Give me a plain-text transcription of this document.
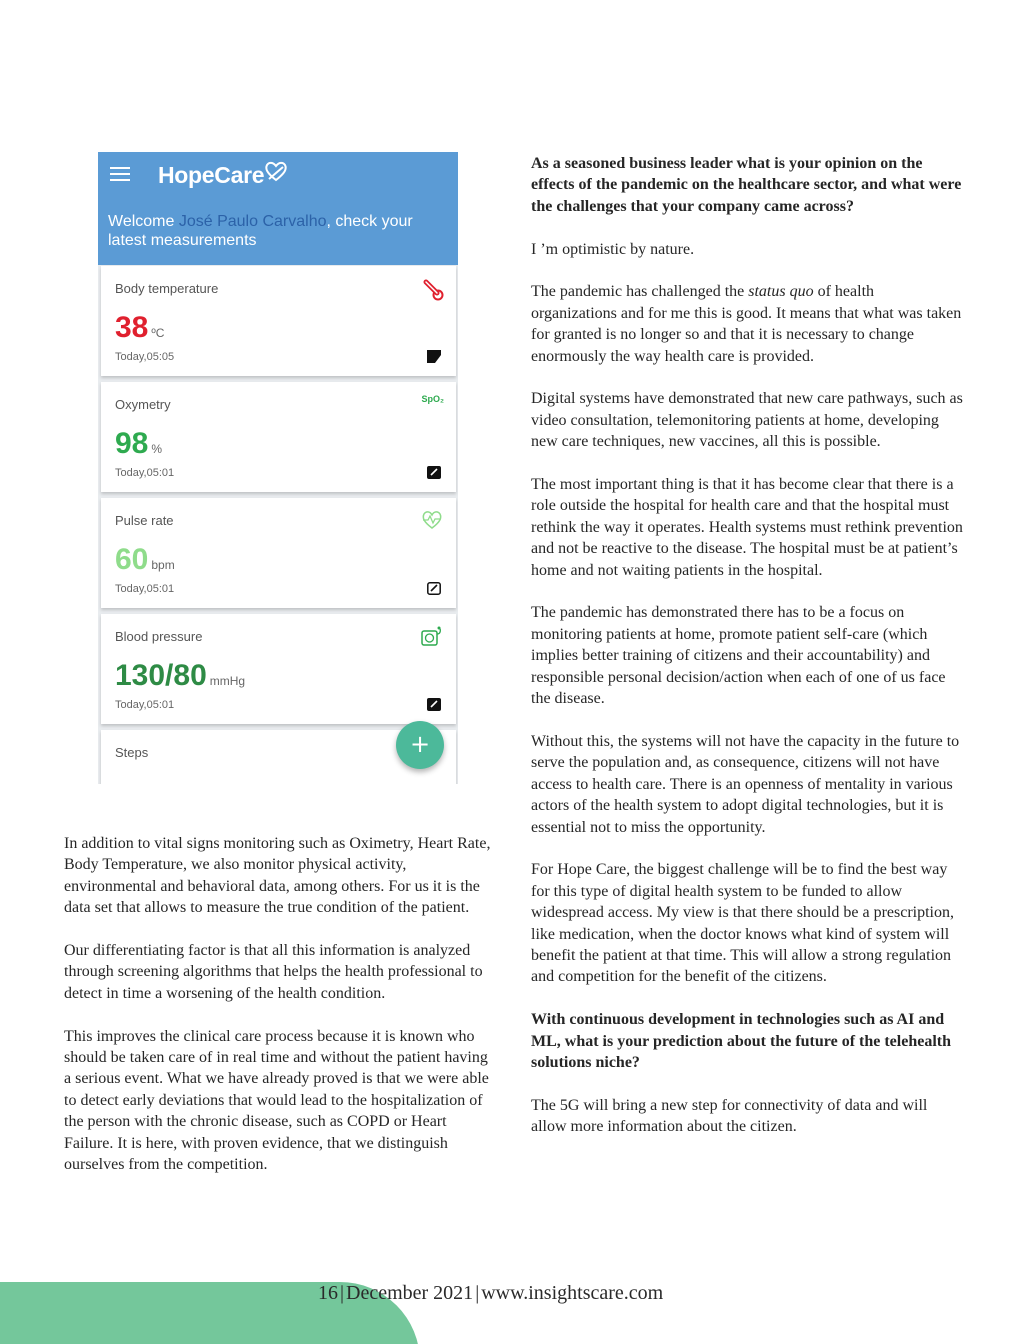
HopeCare
Welcome José Paulo Carvalho, check your latest measurements
Body temperature
38 ºC
Today,05:05
Oxymetry	SpO₂
98 %
Today,05:01
Pulse rate
60 bpm
Today,05:01
Blood pressure
130/80 mmHg
Today,05:01
Steps	+

In addition to vital signs monitoring such as Oximetry, Heart Rate, Body Temperature, we also monitor physical activity, environmental and behavioral data, among others. For us it is the data set that allows to measure the true condition of the patient.

Our differentiating factor is that all this information is analyzed through screening algorithms that helps the health professional to detect in time a worsening of the health condition.

This improves the clinical care process because it is known who should be taken care of in real time and without the patient having a serious event. What we have already proved is that we were able to detect early deviations that would lead to the hospitalization of the person with the chronic disease, such as COPD or Heart Failure. It is here, with proven evidence, that we distinguish ourselves from the competition.

As a seasoned business leader what is your opinion on the effects of the pandemic on the healthcare sector, and what were the challenges that your company came across?

I ’m optimistic by nature.

The pandemic has challenged the status quo of health organizations and for me this is good. It means that what was taken for granted is no longer so and that it is necessary to change enormously the way health care is provided.

Digital systems have demonstrated that new care pathways, such as video consultation, telemonitoring patients at home, developing new care techniques, new vaccines, all this is possible.

The most important thing is that it has become clear that there is a role outside the hospital for health care and that the hospital must rethink the way it operates. Health systems must rethink prevention and not be reactive to the disease. The hospital must be at patient’s home and not waiting patients in the hospital.

The pandemic has demonstrated there has to be a focus on monitoring patients at home, promote patient self-care (which implies better training of citizens and their accountability) and responsible personal decision/action when each of one of us face the disease.

Without this, the systems will not have the capacity in the future to serve the population and, as consequence, citizens will not have access to health care. There is an openness of mentality in various actors of the health system to adopt digital technologies, but it is essential not to miss the opportunity.

For Hope Care, the biggest challenge will be to find the best way for this type of digital health system to be funded to allow widespread access. My view is that there should be a prescription, like medication, when the doctor knows what kind of system will benefit the patient at that time. This will allow a strong regulation and competition for the benefit of the citizens.

With continuous development in technologies such as AI and ML, what is your prediction about the future of the telehealth solutions niche?

The 5G will bring a new step for connectivity of data and will allow more information about the citizen.

16 | December 2021 | www.insightscare.com
